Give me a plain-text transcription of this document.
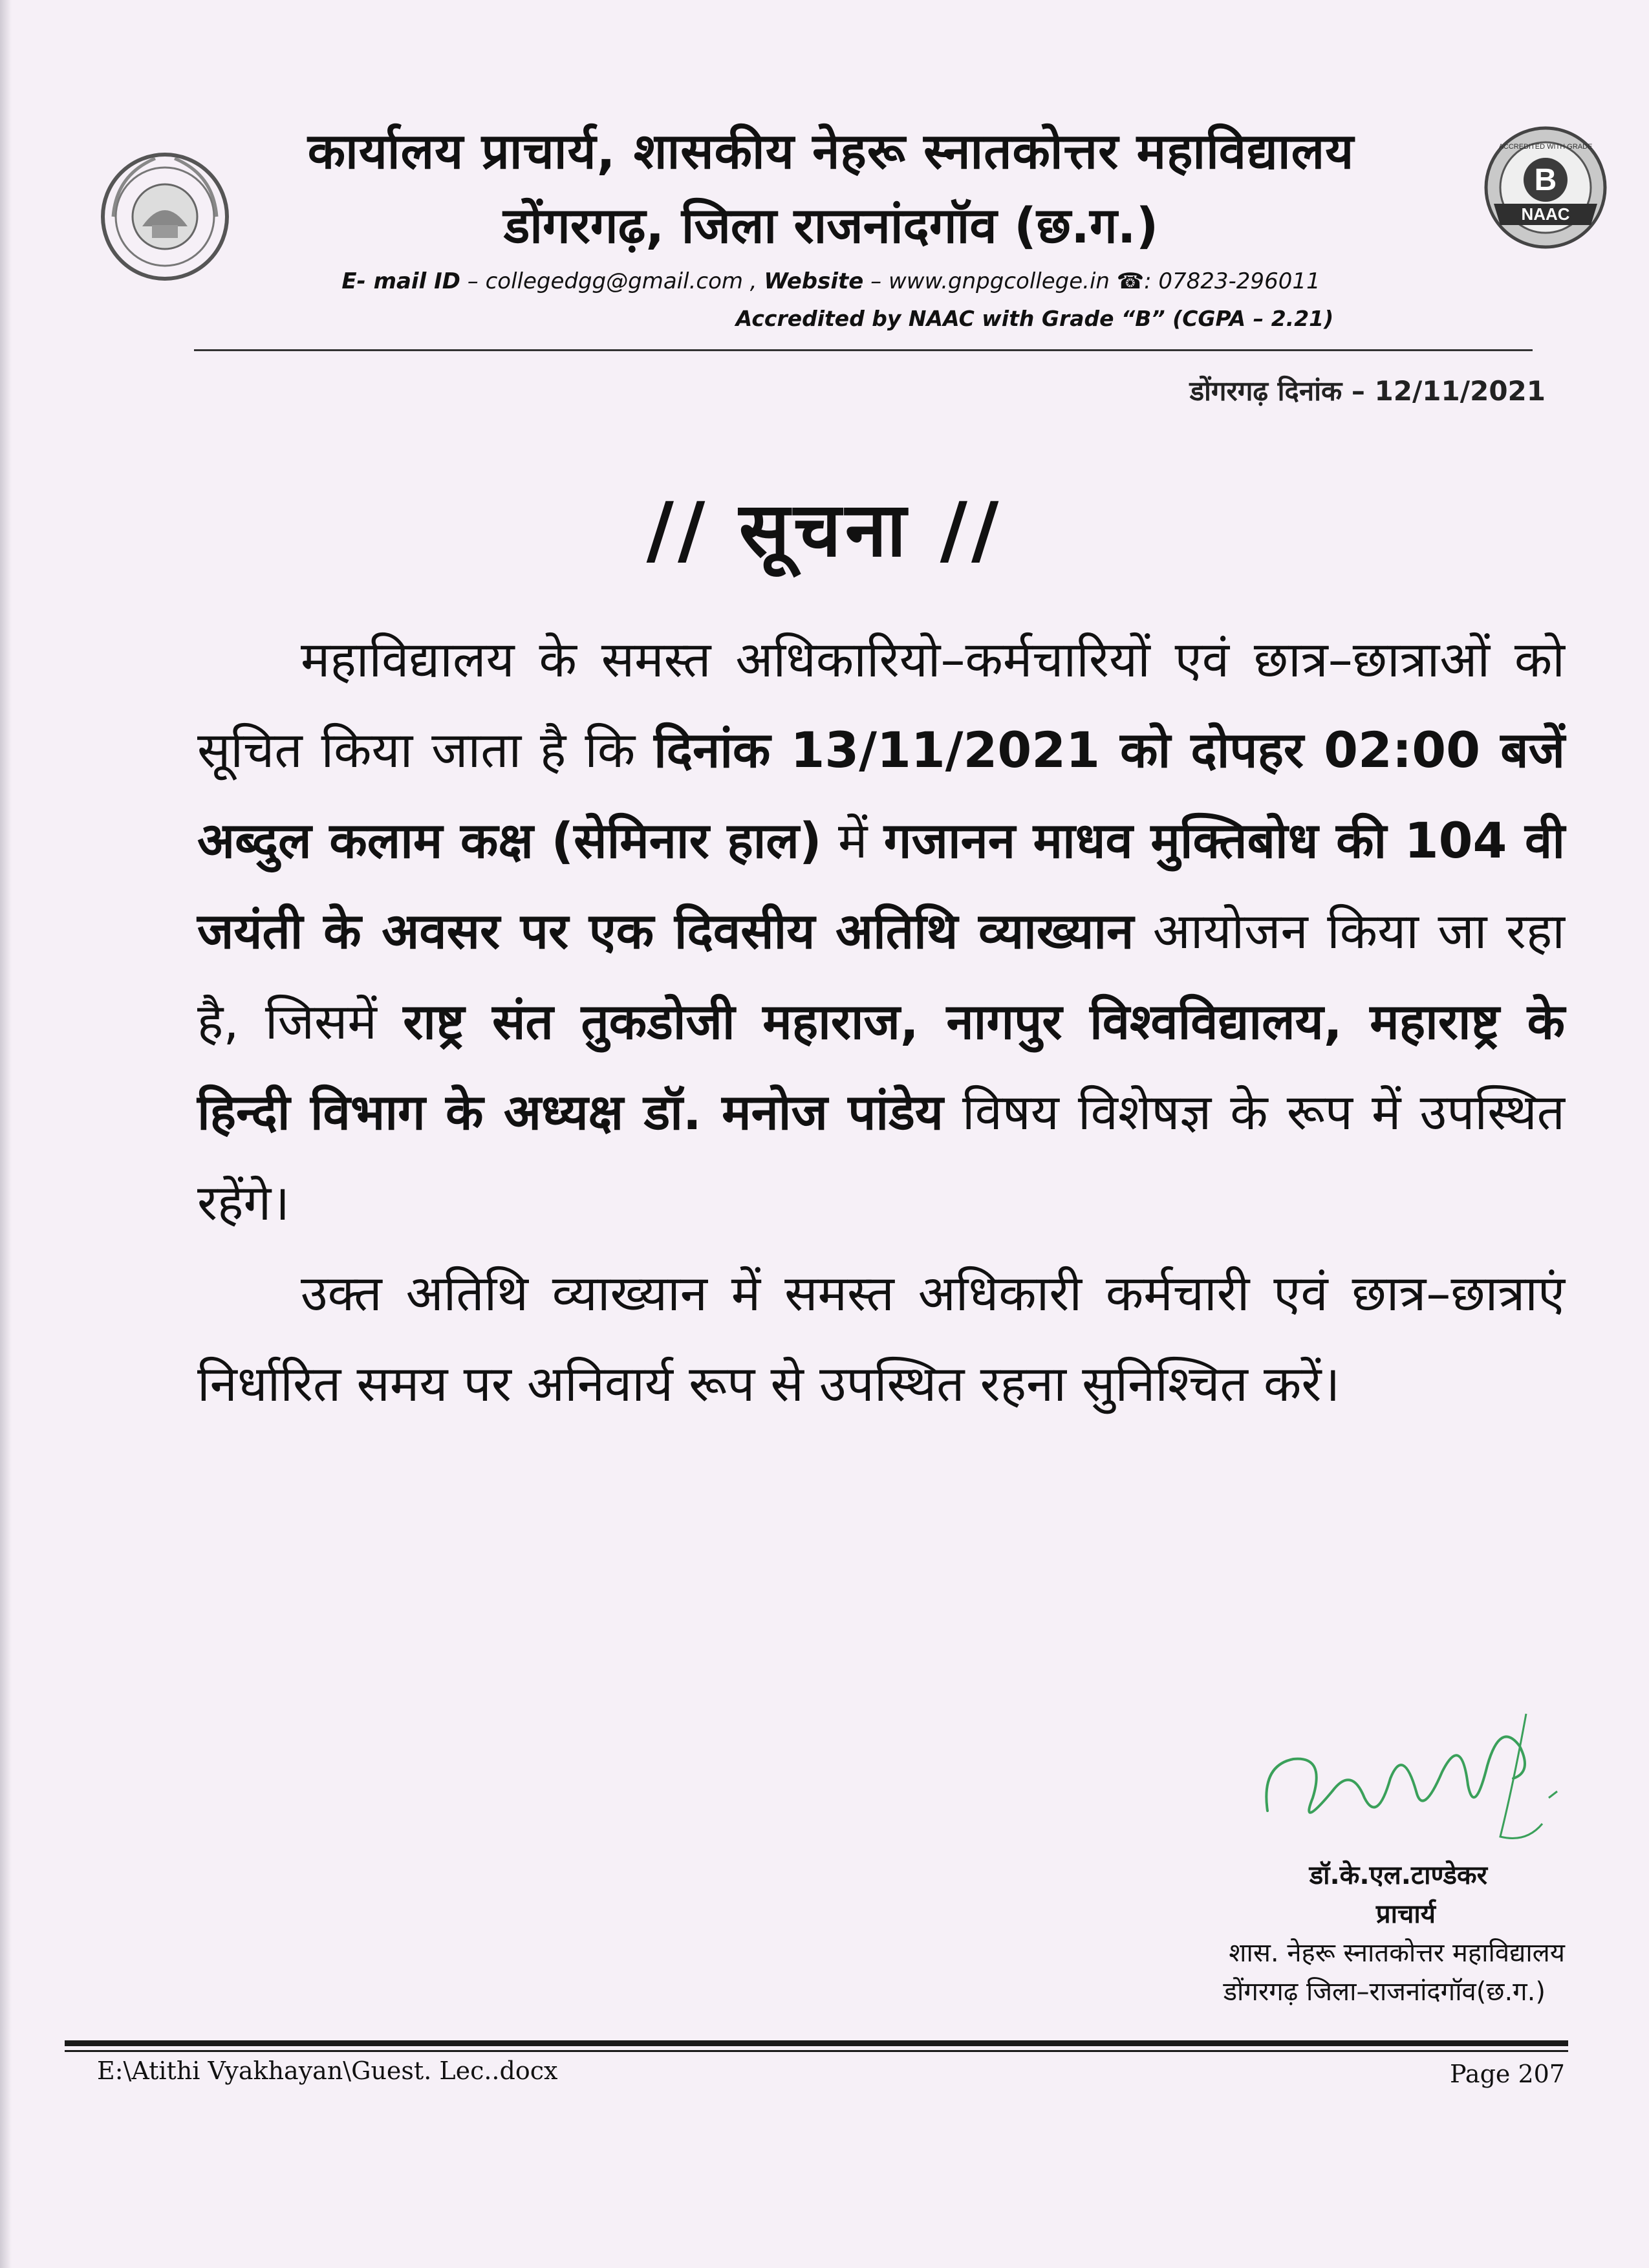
B
NAAC
ACCREDITED WITH GRADE
कार्यालय प्राचार्य, शासकीय नेहरू स्नातकोत्तर महाविद्यालय
डोंगरगढ़, जिला राजनांदगॉव (छ.ग.)
E- mail ID – collegedgg@gmail.com , Website – www.gnpgcollege.in ☎: 07823-296011
Accredited by NAAC with Grade “B” (CGPA – 2.21)
डोंगरगढ़ दिनांक – 12/11/2021
// सूचना //

महाविद्यालय के समस्त अधिकारियो–कर्मचारियों एवं छात्र–छात्राओं को सूचित किया जाता है कि दिनांक 13/11/2021 को दोपहर 02:00 बजें अब्दुल कलाम कक्ष (सेमिनार हाल) में गजानन माधव मुक्तिबोध की 104 वी जयंती के अवसर पर एक दिवसीय अतिथि व्याख्यान आयोजन किया जा रहा है, जिसमें राष्ट्र संत तुकडोजी महाराज, नागपुर विश्वविद्यालय, महाराष्ट्र के हिन्दी विभाग के अध्यक्ष डॉ. मनोज पांडेय विषय विशेषज्ञ के रूप में उपस्थित रहेंगे।

उक्त अतिथि व्याख्यान में समस्त अधिकारी कर्मचारी एवं छात्र–छात्राएं निर्धारित समय पर अनिवार्य रूप से उपस्थित रहना सुनिश्चित करें।

डॉ.के.एल.टाण्डेकर
प्राचार्य
शास. नेहरू स्नातकोत्तर महाविद्यालय
डोंगरगढ़ जिला–राजनांदगॉव(छ.ग.)
E:\Atithi Vyakhayan\Guest. Lec..docx	Page 207
